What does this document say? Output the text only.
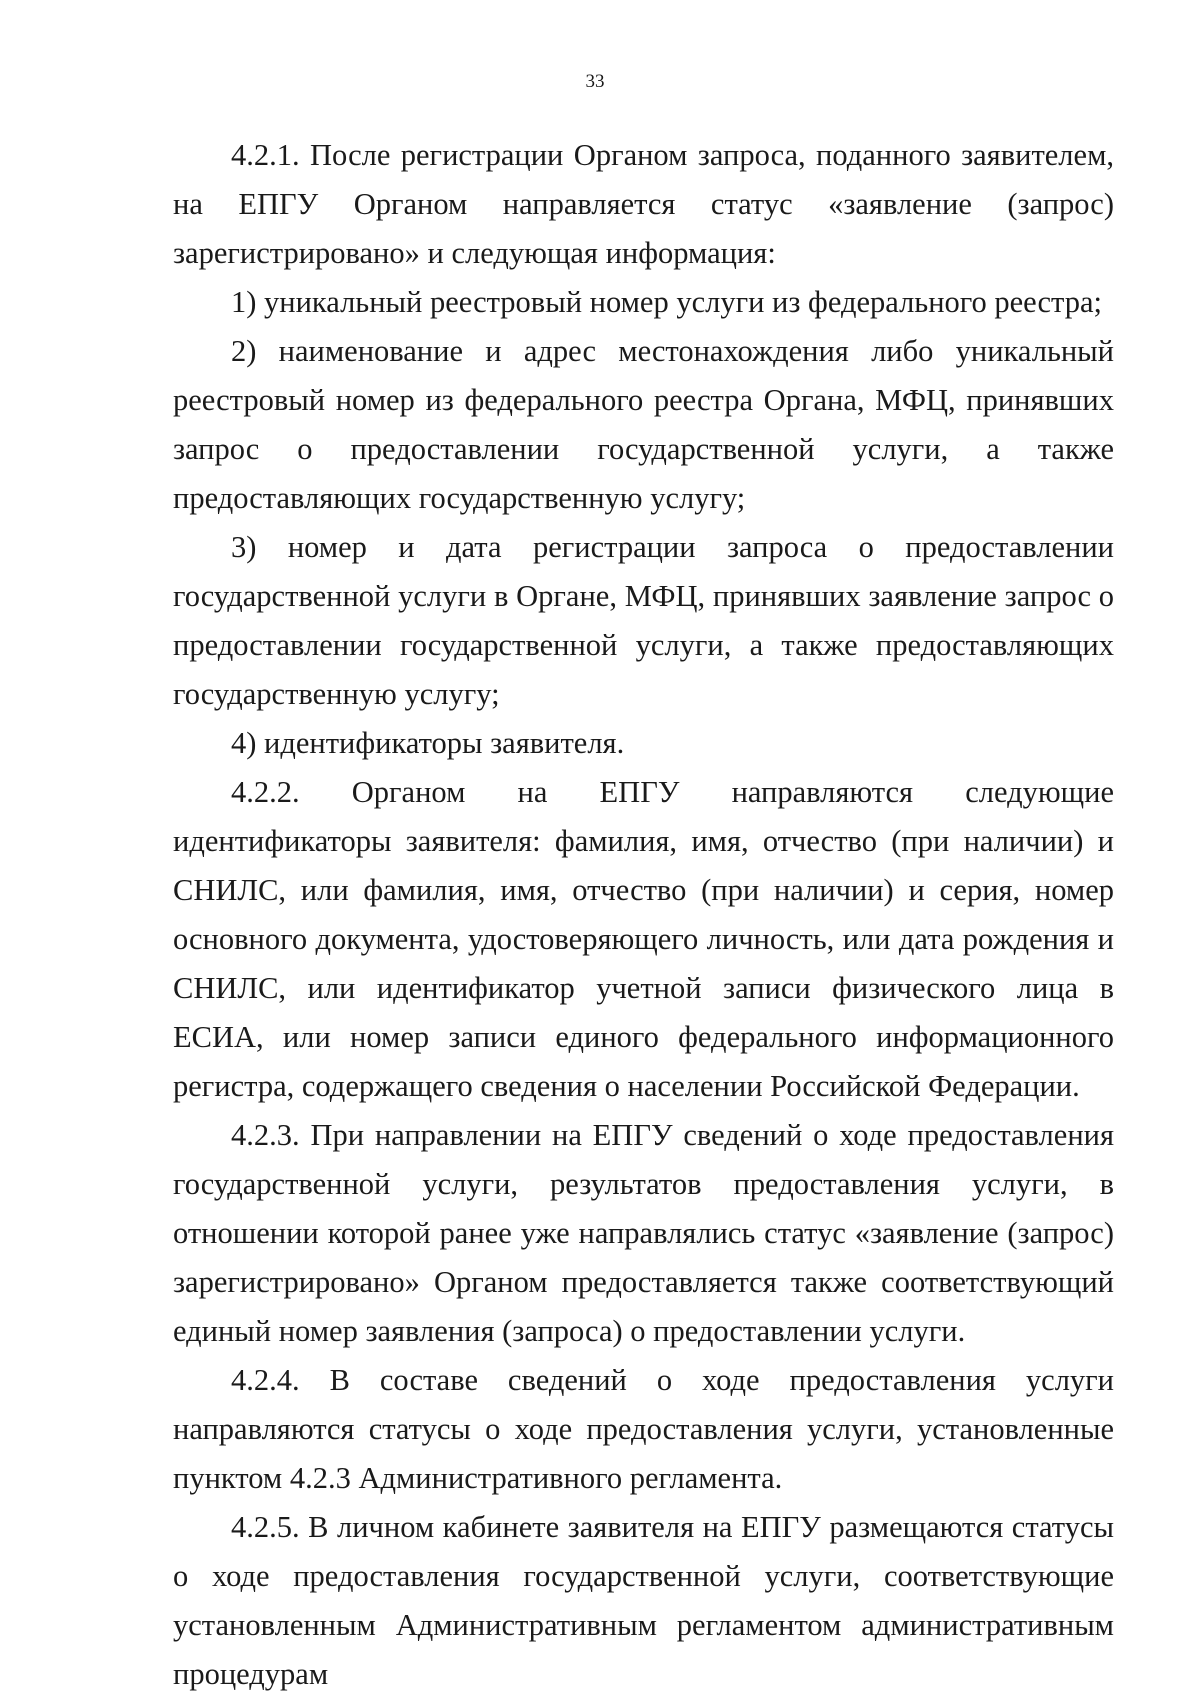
33

4.2.1. После регистрации Органом запроса, поданного заявителем, на ЕПГУ Органом направляется статус «заявление (запрос) зарегистрировано» и следующая информация:

1) уникальный реестровый номер услуги из федерального реестра;

2) наименование и адрес местонахождения либо уникальный реестровый номер из федерального реестра Органа, МФЦ, принявших запрос о предоставлении государственной услуги, а также предоставляющих государственную услугу;

3) номер и дата регистрации запроса о предоставлении государственной услуги в Органе, МФЦ, принявших заявление запрос о предоставлении государственной услуги, а также предоставляющих государственную услугу;

4) идентификаторы заявителя.

4.2.2. Органом на ЕПГУ направляются следующие идентификаторы заявителя: фамилия, имя, отчество (при наличии) и СНИЛС, или фамилия, имя, отчество (при наличии) и серия, номер основного документа, удостоверяющего личность, или дата рождения и СНИЛС, или идентификатор учетной записи физического лица в ЕСИА, или номер записи единого федерального информационного регистра, содержащего сведения о населении Российской Федерации.

4.2.3. При направлении на ЕПГУ сведений о ходе предоставления государственной услуги, результатов предоставления услуги, в отношении которой ранее уже направлялись статус «заявление (запрос) зарегистрировано» Органом предоставляется также соответствующий единый номер заявления (запроса) о предоставлении услуги.

4.2.4. В составе сведений о ходе предоставления услуги направляются статусы о ходе предоставления услуги, установленные пунктом 4.2.3 Административного регламента.

4.2.5. В личном кабинете заявителя на ЕПГУ размещаются статусы о ходе предоставления государственной услуги, соответствующие установленным Административным регламентом административным процедурам
